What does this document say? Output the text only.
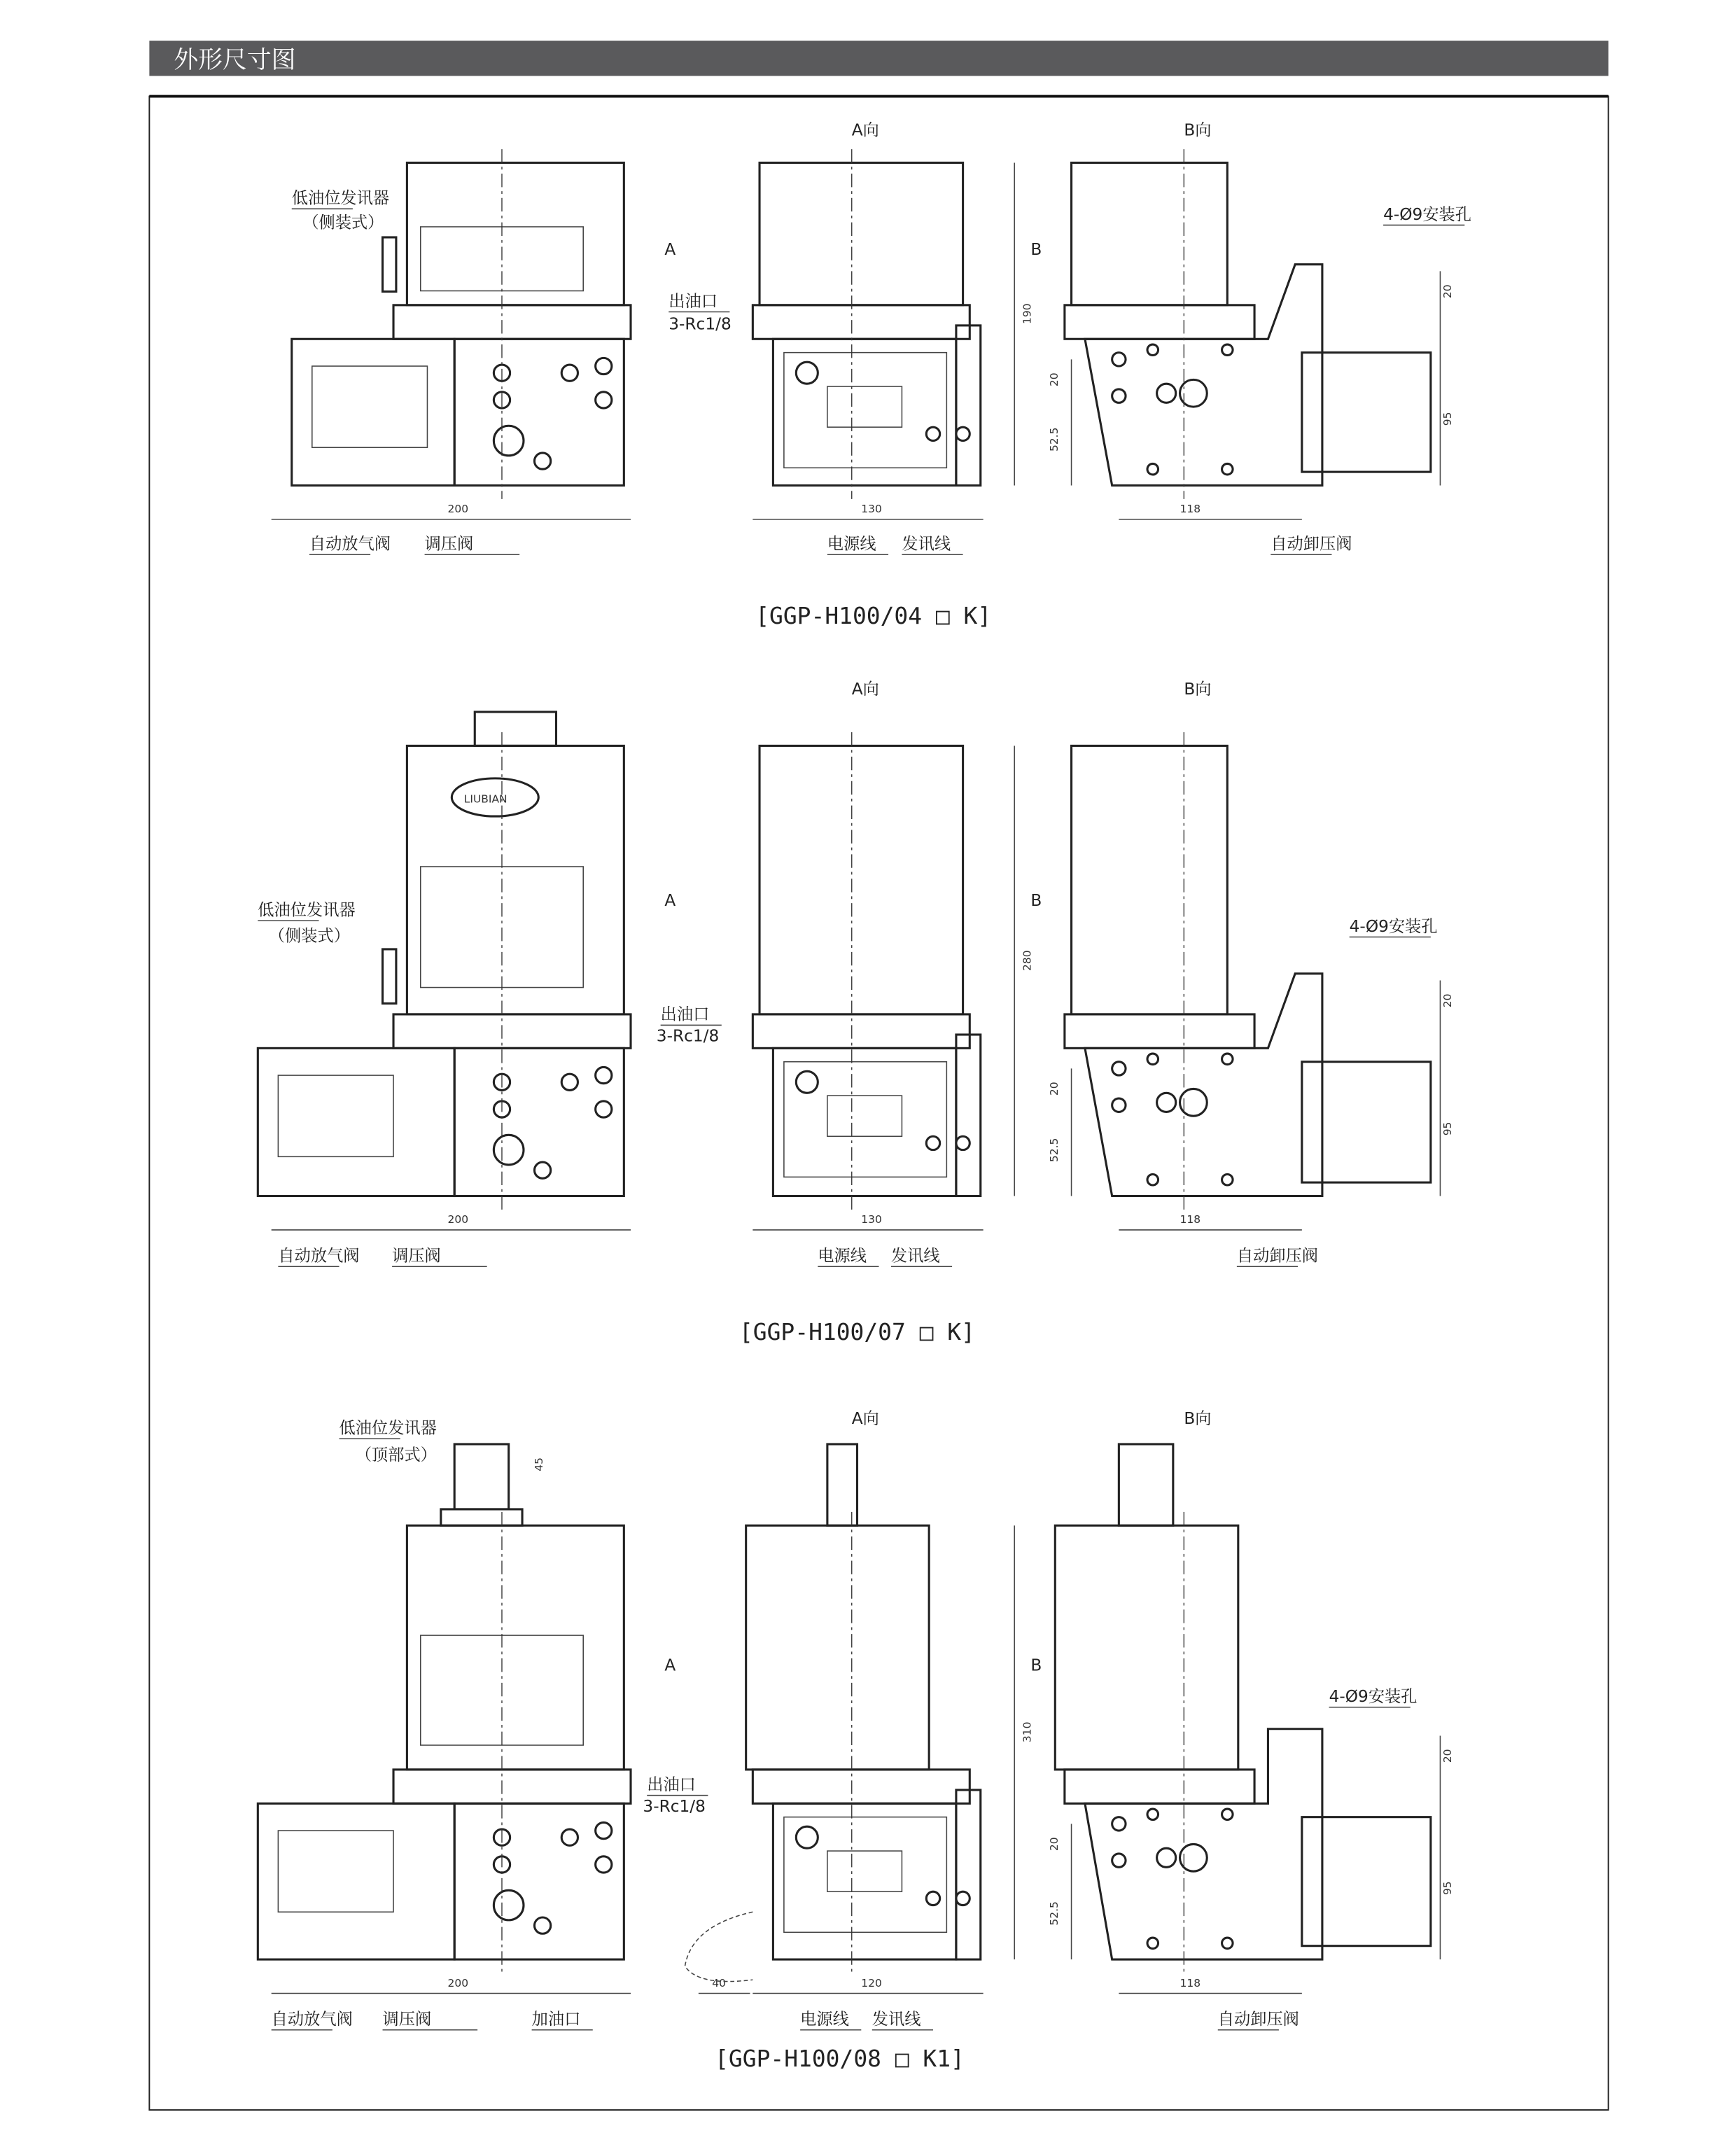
外形尺寸图
200
A向
130
A	B
190
B向
118
20
95
20
52.5
低油位发讯器
（侧装式）
出油口
3-Rc1/8
自动放气阀	调压阀	电源线	发讯线	自动卸压阀
4-Ø9安装孔
[GGP-H100/04 □ K]
LIUBIAN
200
A向
130
A	B
280
B向
118
20
95
20
52.5
低油位发讯器
（侧装式）
出油口
3-Rc1/8
自动放气阀	调压阀	电源线	发讯线	自动卸压阀
4-Ø9安装孔
[GGP-H100/07 □ K]
200
A向
120
A	B
310
40
B向
118
20
95
20
52.5
45
低油位发讯器
（顶部式）
出油口
3-Rc1/8
自动放气阀	调压阀	电源线	发讯线	自动卸压阀
4-Ø9安装孔
加油口
[GGP-H100/08 □ K1]
